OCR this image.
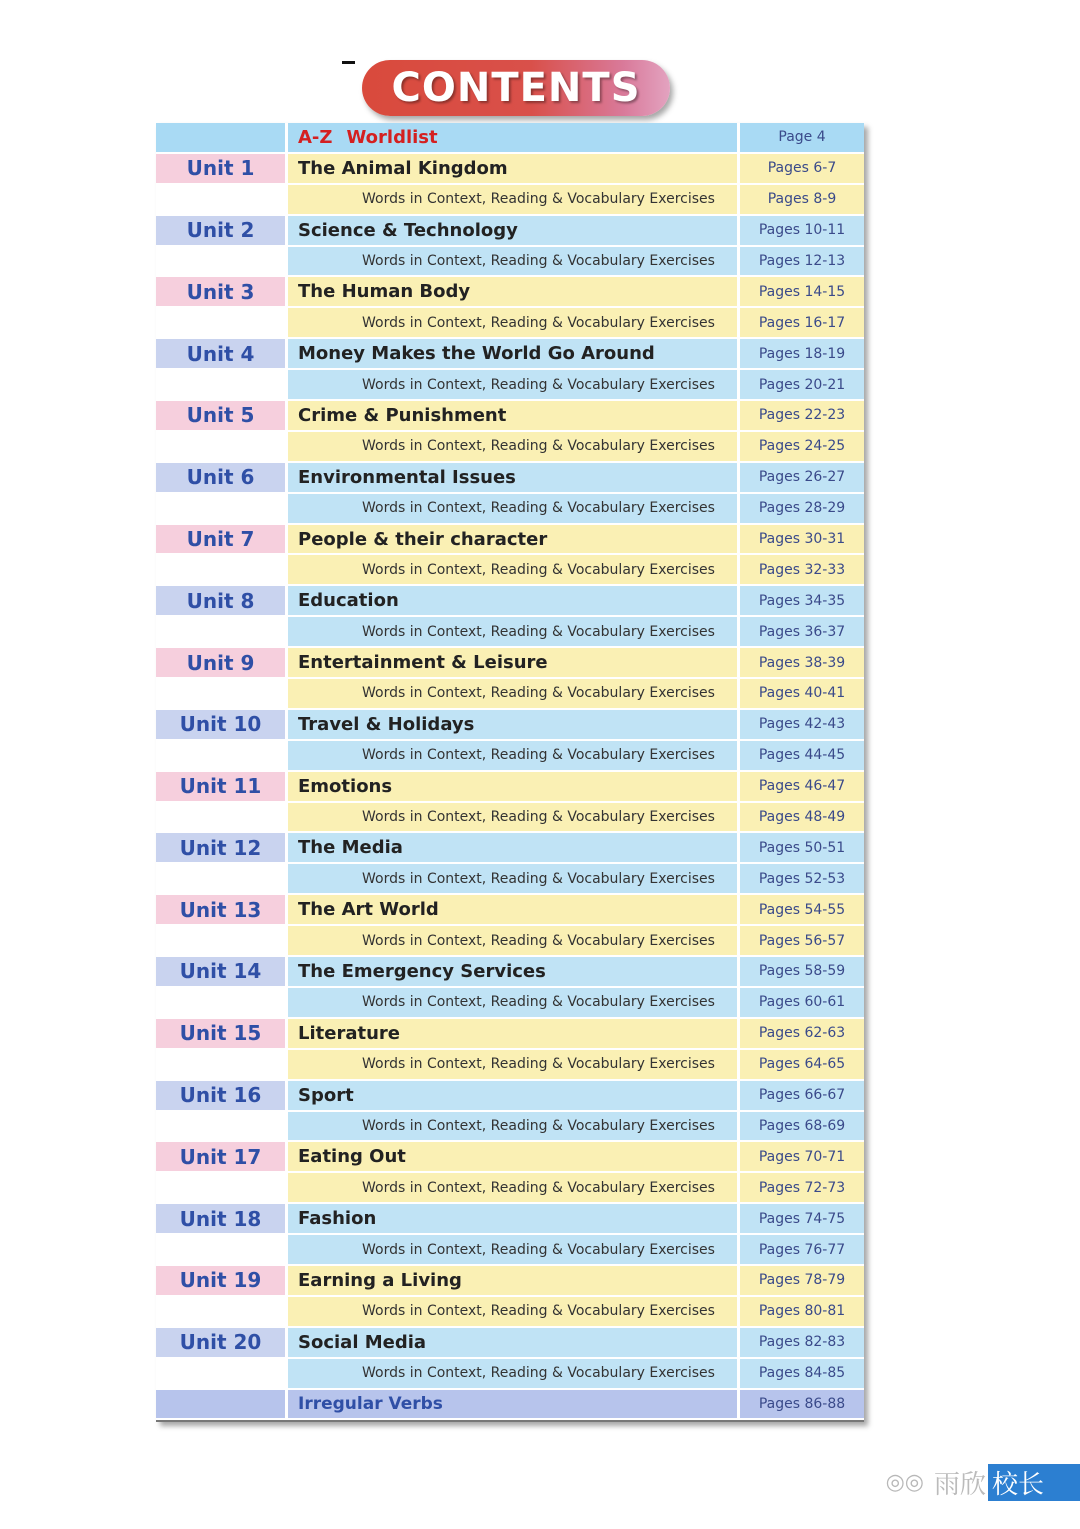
CONTENTS
A-Z Worldlist	Page 4
Unit 1 The Animal Kingdom	Pages 6-7
Words in Context, Reading & Vocabulary Exercises	Pages 8-9
Unit 2 Science & Technology	Pages 10-11
Words in Context, Reading & Vocabulary Exercises	Pages 12-13
Unit 3 The Human Body	Pages 14-15
Words in Context, Reading & Vocabulary Exercises	Pages 16-17
Unit 4 Money Makes the World Go Around	Pages 18-19
Words in Context, Reading & Vocabulary Exercises	Pages 20-21
Unit 5 Crime & Punishment	Pages 22-23
Words in Context, Reading & Vocabulary Exercises	Pages 24-25
Unit 6 Environmental Issues	Pages 26-27
Words in Context, Reading & Vocabulary Exercises	Pages 28-29
Unit 7 People & their character	Pages 30-31
Words in Context, Reading & Vocabulary Exercises	Pages 32-33
Unit 8 Education	Pages 34-35
Words in Context, Reading & Vocabulary Exercises	Pages 36-37
Unit 9 Entertainment & Leisure	Pages 38-39
Words in Context, Reading & Vocabulary Exercises	Pages 40-41
Unit 10 Travel & Holidays	Pages 42-43
Words in Context, Reading & Vocabulary Exercises	Pages 44-45
Unit 11 Emotions	Pages 46-47
Words in Context, Reading & Vocabulary Exercises	Pages 48-49
Unit 12 The Media	Pages 50-51
Words in Context, Reading & Vocabulary Exercises	Pages 52-53
Unit 13 The Art World	Pages 54-55
Words in Context, Reading & Vocabulary Exercises	Pages 56-57
Unit 14 The Emergency Services	Pages 58-59
Words in Context, Reading & Vocabulary Exercises	Pages 60-61
Unit 15 Literature	Pages 62-63
Words in Context, Reading & Vocabulary Exercises	Pages 64-65
Unit 16 Sport	Pages 66-67
Words in Context, Reading & Vocabulary Exercises	Pages 68-69
Unit 17 Eating Out	Pages 70-71
Words in Context, Reading & Vocabulary Exercises	Pages 72-73
Unit 18 Fashion	Pages 74-75
Words in Context, Reading & Vocabulary Exercises	Pages 76-77
Unit 19 Earning a Living	Pages 78-79
Words in Context, Reading & Vocabulary Exercises	Pages 80-81
Unit 20 Social Media	Pages 82-83
Words in Context, Reading & Vocabulary Exercises	Pages 84-85
Irregular Verbs	Pages 86-88
◎◎ 雨欣 校长
